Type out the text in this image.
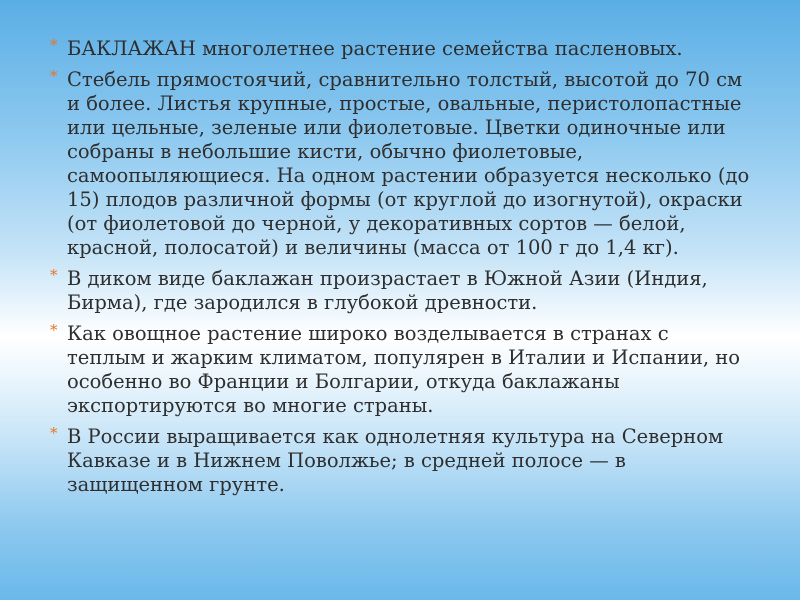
* БАКЛАЖАН многолетнее растение семейства пасленовых.
* Стебель прямостоячий, сравнительно толстый, высотой до 70 см и более. Листья крупные, простые, овальные, перистолопастные или цельные, зеленые или фиолетовые. Цветки одиночные или собраны в небольшие кисти, обычно фиолетовые, самоопыляющиеся. На одном растении образуется несколько (до 15) плодов различной формы (от круглой до изогнутой), окраски (от фиолетовой до черной, у декоративных сортов — белой, красной, полосатой) и величины (масса от 100 г до 1,4 кг).
* В диком виде баклажан произрастает в Южной Азии (Индия, Бирма), где зародился в глубокой древности.
* Как овощное растение широко возделывается в странах с теплым и жарким климатом, популярен в Италии и Испании, но особенно во Франции и Болгарии, откуда баклажаны экспортируются во многие страны.
* В России выращивается как однолетняя культура на Северном Кавказе и в Нижнем Поволжье; в средней полосе — в защищенном грунте.
